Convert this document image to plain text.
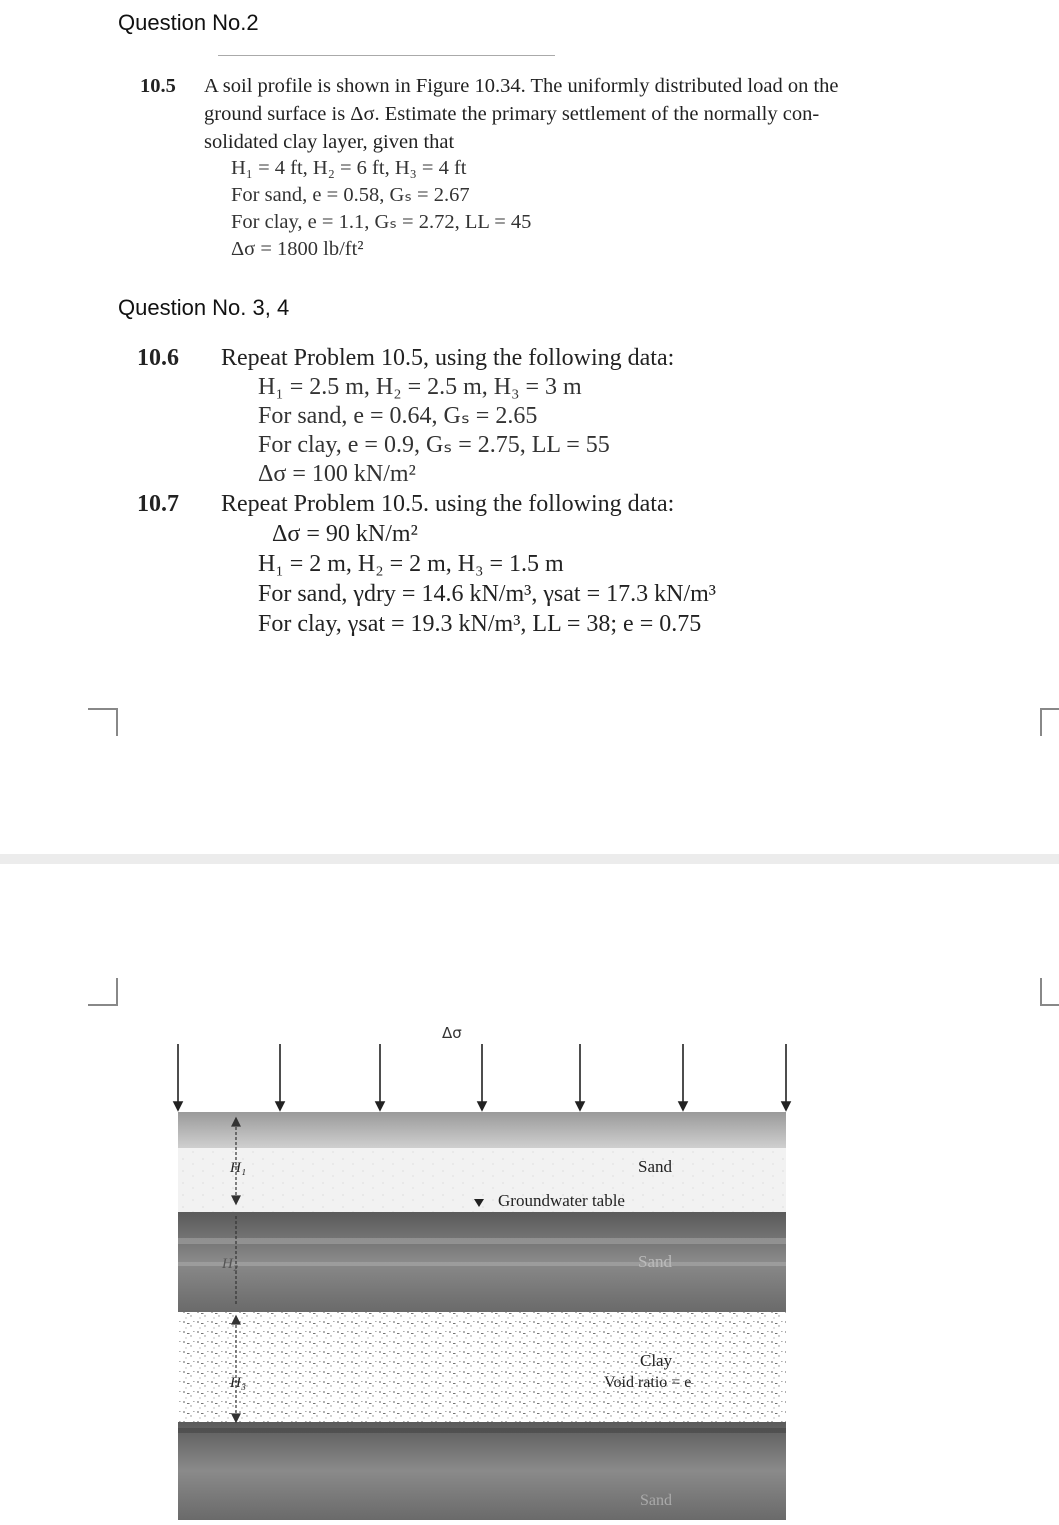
Question No.2
10.5 A soil profile is shown in Figure 10.34. The uniformly distributed load on the
ground surface is Δσ. Estimate the primary settlement of the normally con-
solidated clay layer, given that
H₁ = 4 ft, H₂ = 6 ft, H₃ = 4 ft
For sand, e = 0.58, Gₛ = 2.67
For clay, e = 1.1, Gₛ = 2.72, LL = 45
Δσ = 1800 lb/ft²
Question No. 3, 4
10.6 Repeat Problem 10.5, using the following data:
H₁ = 2.5 m, H₂ = 2.5 m, H₃ = 3 m
For sand, e = 0.64, Gₛ = 2.65
For clay, e = 0.9, Gₛ = 2.75, LL = 55
Δσ = 100 kN/m²
10.7 Repeat Problem 10.5. using the following data:
Δσ = 90 kN/m²
H₁ = 2 m, H₂ = 2 m, H₃ = 1.5 m
For sand, γdry = 14.6 kN/m³, γsat = 17.3 kN/m³
For clay, γsat = 19.3 kN/m³, LL = 38; e = 0.75
Δσ
H₁
H₂
H₃
Sand
Groundwater table
Sand
Clay
Void ratio = e
Sand
